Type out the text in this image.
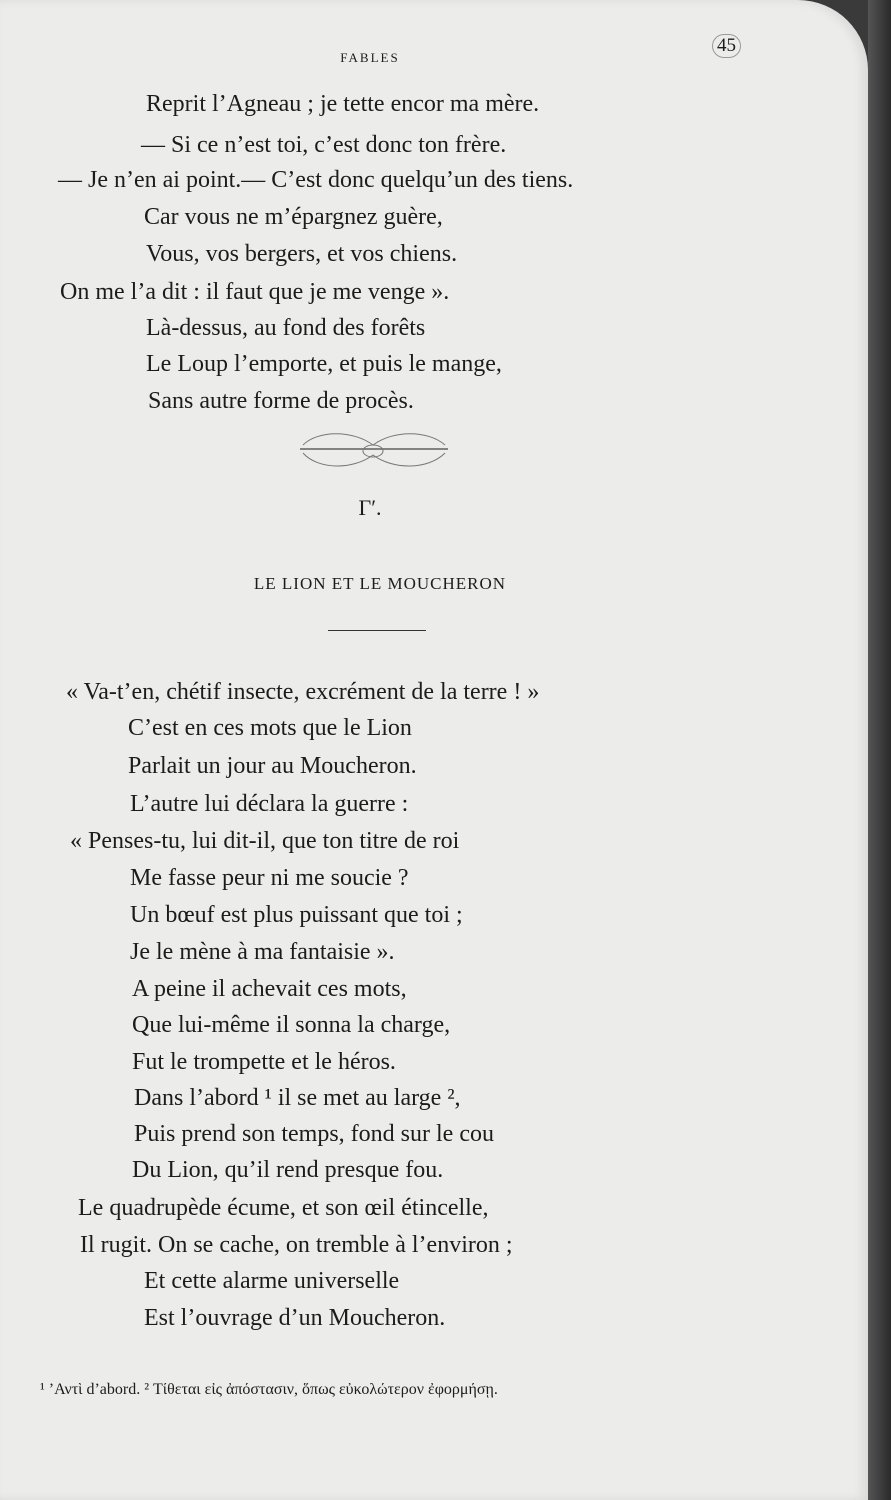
FABLES
45
Reprit l’Agneau ; je tette encor ma mère.
— Si ce n’est toi, c’est donc ton frère.
— Je n’en ai point.— C’est donc quelqu’un des tiens.
Car vous ne m’épargnez guère,
Vous, vos bergers, et vos chiens.
On me l’a dit : il faut que je me venge ».
Là-dessus, au fond des forêts
Le Loup l’emporte, et puis le mange,
Sans autre forme de procès.
Γ′.
LE LION ET LE MOUCHERON
« Va-t’en, chétif insecte, excrément de la terre ! »
C’est en ces mots que le Lion
Parlait un jour au Moucheron.
L’autre lui déclara la guerre :
« Penses-tu, lui dit-il, que ton titre de roi
Me fasse peur ni me soucie ?
Un bœuf est plus puissant que toi ;
Je le mène à ma fantaisie ».
A peine il achevait ces mots,
Que lui-même il sonna la charge,
Fut le trompette et le héros.
Dans l’abord ¹ il se met au large ²,
Puis prend son temps, fond sur le cou
Du Lion, qu’il rend presque fou.
Le quadrupède écume, et son œil étincelle,
Il rugit. On se cache, on tremble à l’environ ;
Et cette alarme universelle
Est l’ouvrage d’un Moucheron.
¹ ’Αντὶ d’abord. ² Τίθεται εἰς ἀπόστασιν, ὅπως εὐκολώτερον ἐφορμήσῃ.
